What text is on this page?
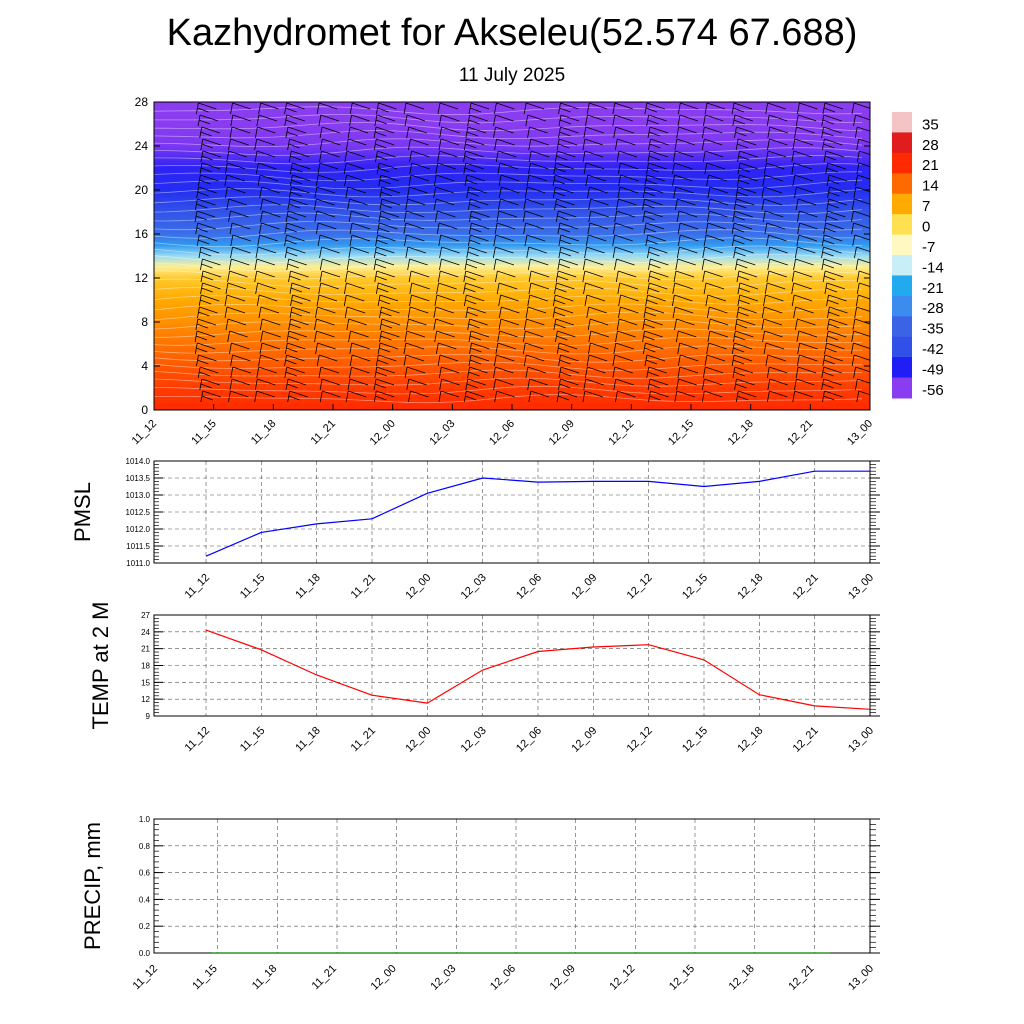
Kazhydromet for Akseleu(52.574 67.688)
11 July 2025
0
4
8
12
16
20
24
28
11_12	11_15	11_18	11_21	12_00	12_03	12_06	12_09	12_12	12_15	12_18	12_21	13_00
35
28
21
14
7
0
-7
-14
-21
-28
-35
-42
-49
-56
1011.0
1011.5
1012.0
1012.5
1013.0
1013.5
1014.0
11_12 11_15 11_18 11_21 12_00 12_03 12_06 12_09 12_12 12_15 12_18 12_21 13_00
PMSL
9
12
15
18
21
24
27
11_12 11_15 11_18 11_21 12_00 12_03 12_06 12_09 12_12 12_15 12_18 12_21 13_00
TEMP at 2 M
0.0
0.2
0.4
0.6
0.8
1.0
11_12	11_15	11_18	11_21	12_00	12_03	12_06	12_09	12_12	12_15	12_18	12_21	13_00
PRECIP, mm
